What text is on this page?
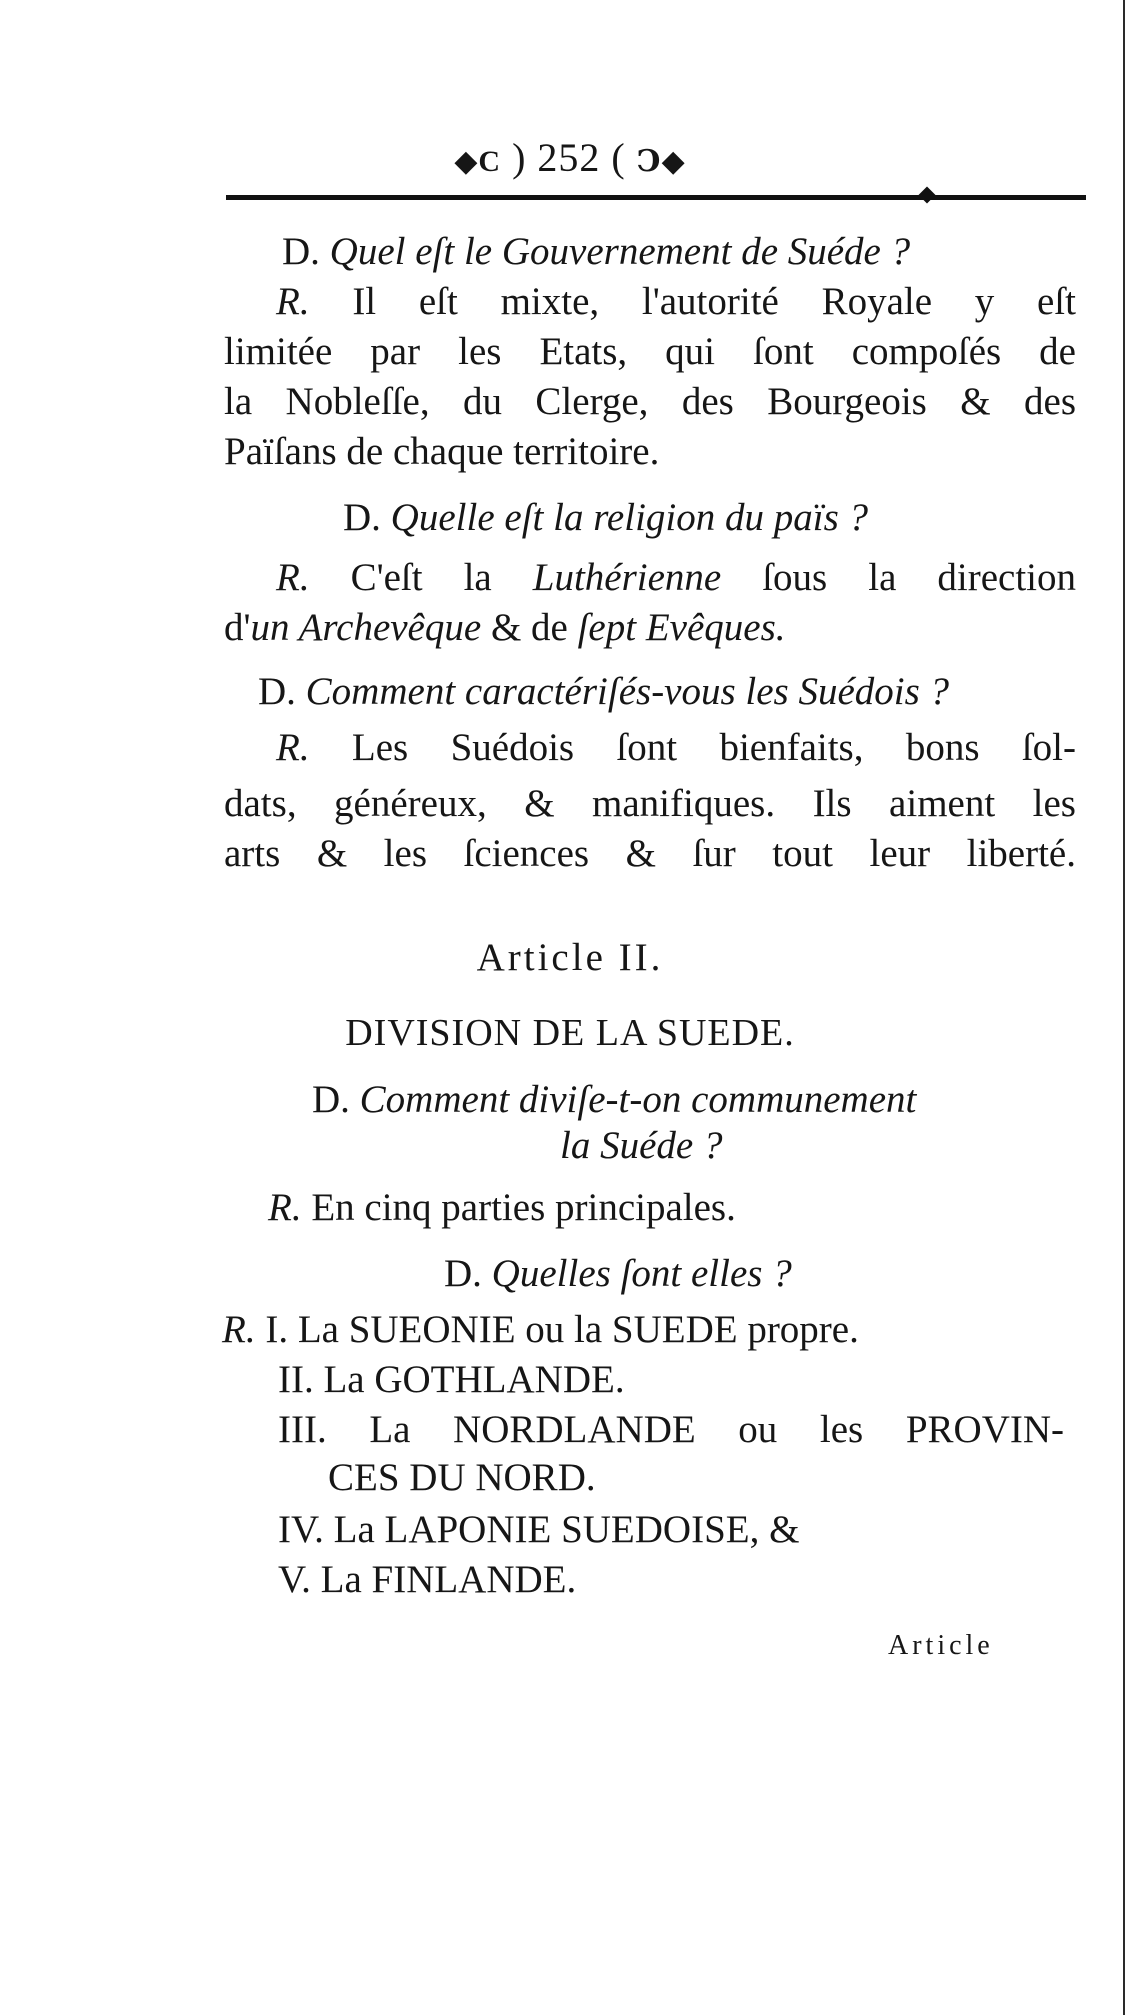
◆C ) 252 ( Ↄ◆
D. Quel eſt le Gouvernement de Suéde ?
R. Il eſt mixte, l'autorité Royale y eſt
limitée par les Etats, qui ſont compoſés de
la Nobleſſe, du Clerge, des Bourgeois & des
Païſans de chaque territoire.
D. Quelle eſt la religion du païs ?
R. C'eſt la Luthérienne ſous la direction
d'un Archevêque & de ſept Evêques.
D. Comment caractériſés-vous les Suédois ?
R. Les Suédois ſont bienfaits, bons ſol-
dats, généreux, & manifiques. Ils aiment les
arts & les ſciences & ſur tout leur liberté.
Article II.
DIVISION DE LA SUEDE.
D. Comment diviſe-t-on communement
la Suéde ?
R. En cinq parties principales.
D. Quelles ſont elles ?
R. I. La SUEONIE ou la SUEDE propre.
II. La GOTHLANDE.
III. La NORDLANDE ou les PROVIN-
CES DU NORD.
IV. La LAPONIE SUEDOISE, &
V. La FINLANDE.
Article
